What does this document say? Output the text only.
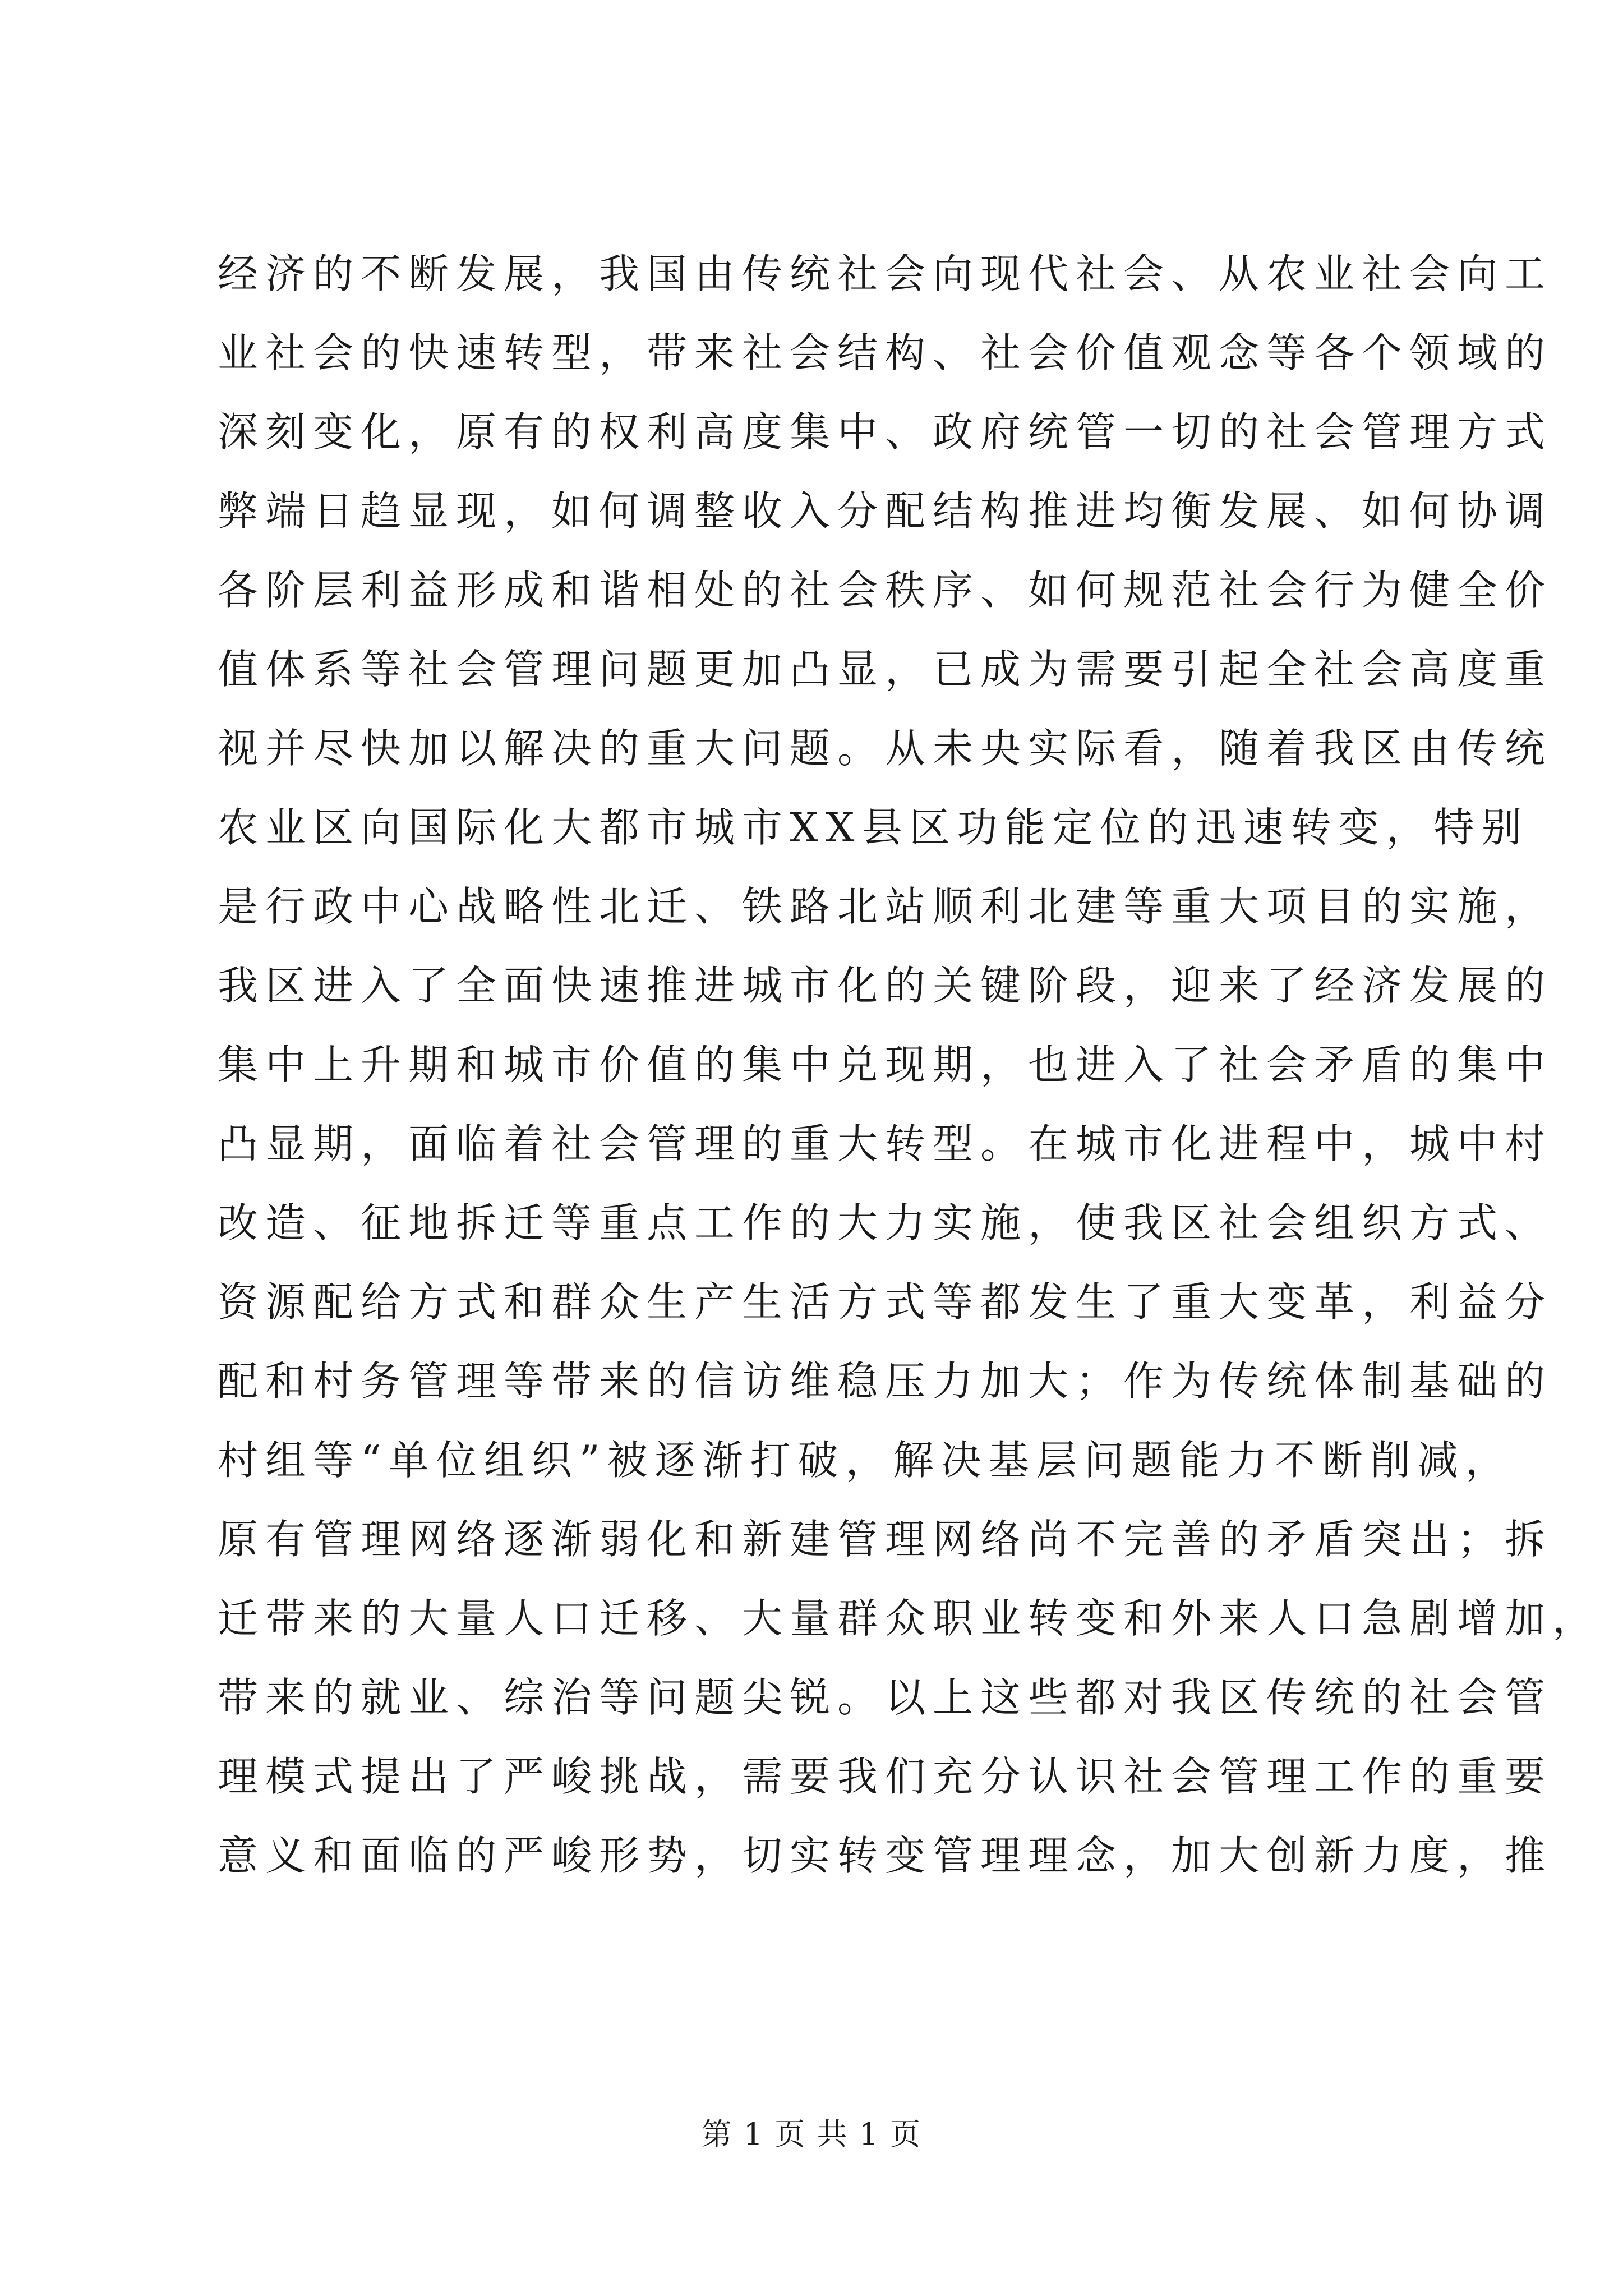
经济的不断发展，我国由传统社会向现代社会、从农业社会向工
业社会的快速转型，带来社会结构、社会价值观念等各个领域的
深刻变化，原有的权利高度集中、政府统管一切的社会管理方式
弊端日趋显现，如何调整收入分配结构推进均衡发展、如何协调
各阶层利益形成和谐相处的社会秩序、如何规范社会行为健全价
值体系等社会管理问题更加凸显，已成为需要引起全社会高度重
视并尽快加以解决的重大问题。从未央实际看，随着我区由传统
农业区向国际化大都市城市XX县区功能定位的迅速转变，特别
是行政中心战略性北迁、铁路北站顺利北建等重大项目的实施，
我区进入了全面快速推进城市化的关键阶段，迎来了经济发展的
集中上升期和城市价值的集中兑现期，也进入了社会矛盾的集中
凸显期，面临着社会管理的重大转型。在城市化进程中，城中村
改造、征地拆迁等重点工作的大力实施，使我区社会组织方式、
资源配给方式和群众生产生活方式等都发生了重大变革，利益分
配和村务管理等带来的信访维稳压力加大；作为传统体制基础的
村组等“单位组织”被逐渐打破，解决基层问题能力不断削减，
原有管理网络逐渐弱化和新建管理网络尚不完善的矛盾突出；拆
迁带来的大量人口迁移、大量群众职业转变和外来人口急剧增加，
带来的就业、综治等问题尖锐。以上这些都对我区传统的社会管
理模式提出了严峻挑战，需要我们充分认识社会管理工作的重要
意义和面临的严峻形势，切实转变管理理念，加大创新力度，推
第 1 页 共 1 页
